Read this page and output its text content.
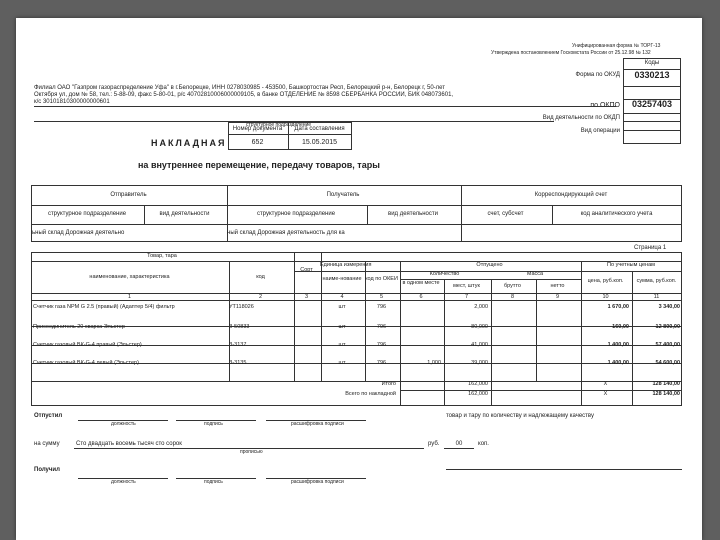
Унифицированная форма № ТОРГ-13
Утверждена постановлением Госкомстата России от 25.12.98 № 132
Коды
Форма по ОКУД	0330213
по ОКПО	03257403
Вид деятельности по ОКДП
Вид операции
Филиал ОАО "Газпром газораспределение Уфа" в г.Белорецке, ИНН 0278030985 - 453500, Башкортостан Респ, Белорецкий р-н, Белорецк г, 50-лет
Октября ул, дом № 58, тел.: 5-88-09, факс 5-80-01, р/с 40702810006000009105, в банке ОТДЕЛЕНИЕ № 8598 СБЕРБАНКА РОССИИ, БИК 048073601,
к/с 30101810300000000601
структурное подразделение
Номер документа	Дата составления
652	15.05.2015
НАКЛАДНАЯ
на внутреннее перемещение, передачу товаров, тары
Отправитель	Получатель	Корреспондирующий счет
структурное подразделение	вид деятельности	структурное подразделение	вид деятельности	счет, субсчет	код аналитического учета
ьный склад Дорожная деятельно	ный склад Дорожная деятельность для ка
Страница 1
Товар, тара
наименование, характеристика	код
Сорт
Единица измерения
наиме-нование код по ОКЕИ
Отпущено
Количество
в одном месте	мест, штук
Масса
брутто	нетто
По учетным ценам
цена, руб.коп.	сумма, руб.коп.
1	2	3	4	5	6	7	8	9	10	11
Счетчик газа NPM G 2.5 (правый) (Адаптер 5/4) фильтр	УТ118026	шт	796	2,000	1 670,00	3 340,00
Присоединитель 20 сварка Эльстер	З-50833	шт	796	80,000	160,00	12 800,00
Счетчик газовый ВК-G-4 правый (Эльстер)	З-3137	шт	796	41,000	1 400,00	57 400,00
Счетчик газовый ВК-G-4 левый (Эльстер)	З-3135	шт	796	1,000	39,000	1 400,00	54 600,00
Итого	162,000	X	128 140,00
Всего по накладной	162,000	X	128 140,00
Отпустил
должность	подпись	расшифровка подписи
товар и тару по количеству и надлежащему качеству
на сумму	Сто двадцать восемь тысяч сто сорок
прописью
руб.	00	коп.
Получил
должность	подпись	расшифровка подписи
